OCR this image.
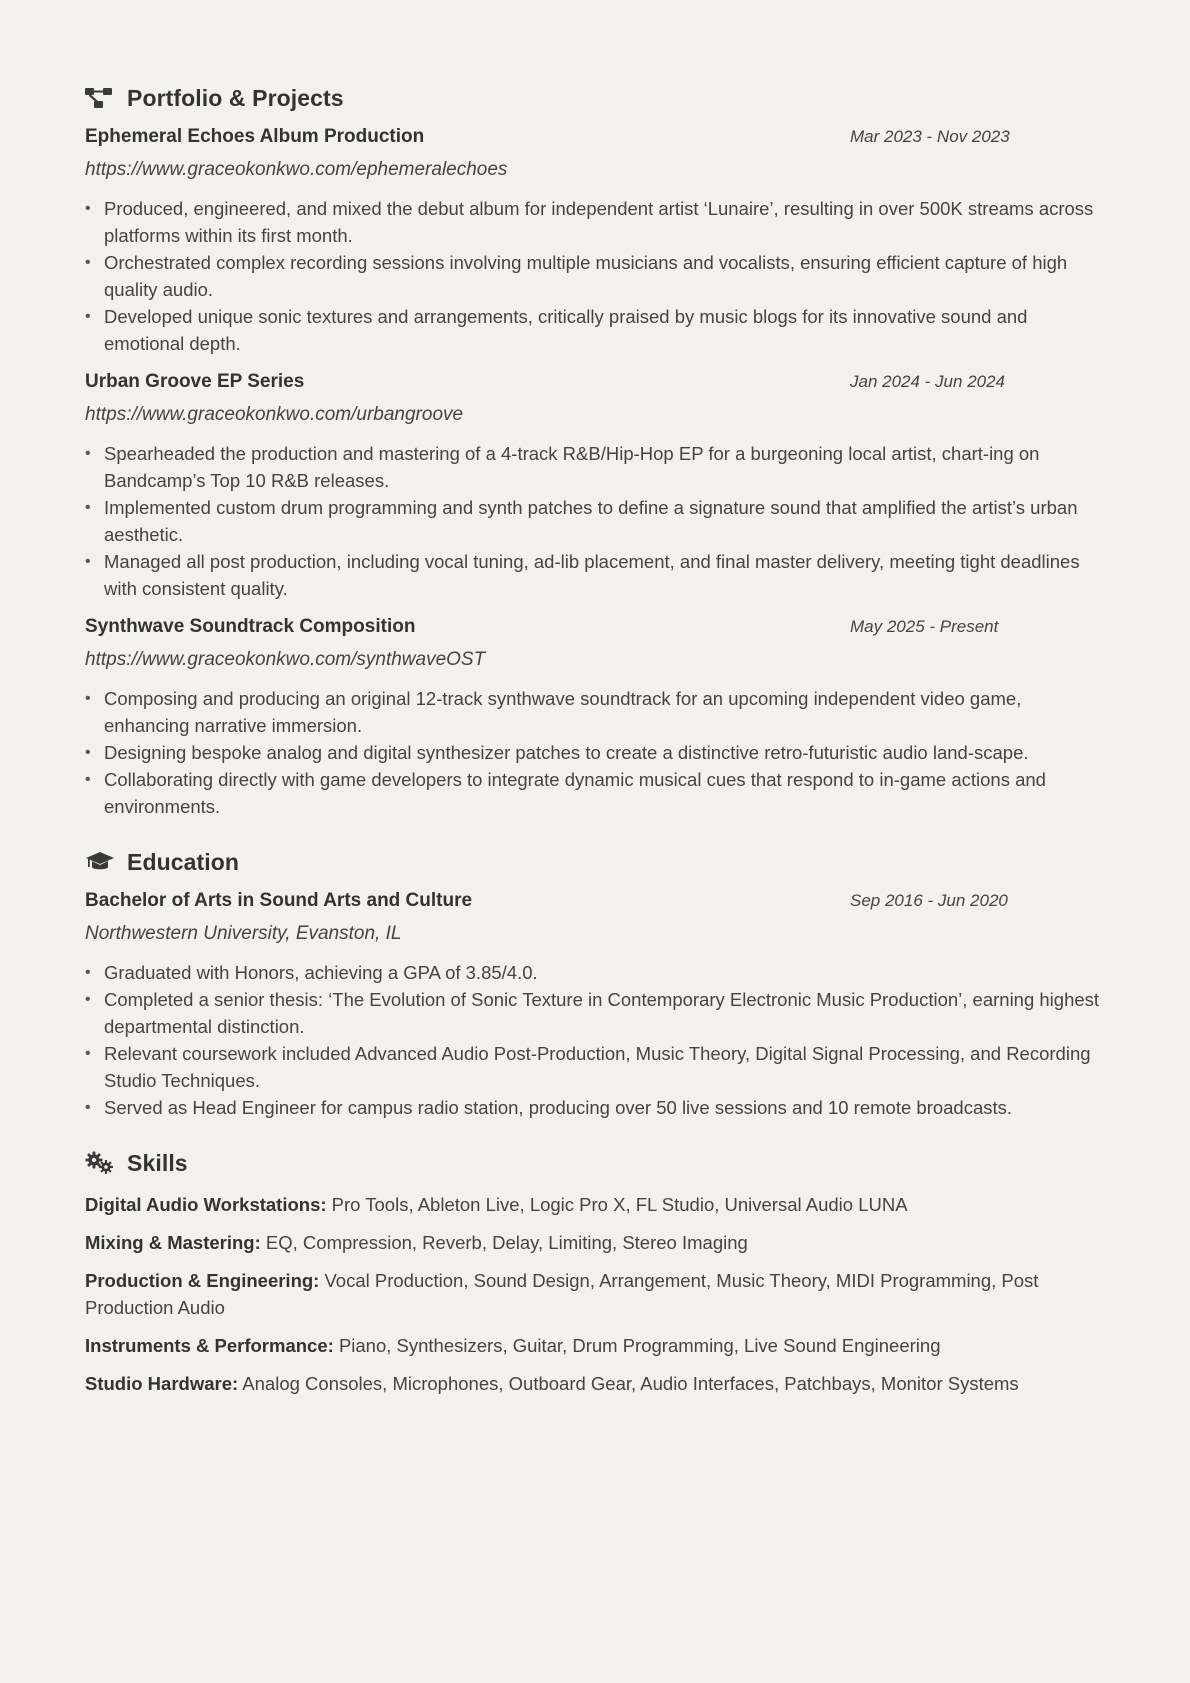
Portfolio & Projects
Ephemeral Echoes Album Production	Mar 2023 - Nov 2023
https://www.graceokonkwo.com/ephemeralechoes
• Produced, engineered, and mixed the debut album for independent artist ‘Lunaire’, resulting in over 500K streams across platforms within its first month.
• Orchestrated complex recording sessions involving multiple musicians and vocalists, ensuring efficient capture of high quality audio.
• Developed unique sonic textures and arrangements, critically praised by music blogs for its innovative sound and emotional depth.
Urban Groove EP Series	Jan 2024 - Jun 2024
https://www.graceokonkwo.com/urbangroove
• Spearheaded the production and mastering of a 4-track R&B/Hip-Hop EP for a burgeoning local artist, chart-ing on Bandcamp’s Top 10 R&B releases.
• Implemented custom drum programming and synth patches to define a signature sound that amplified the artist’s urban aesthetic.
• Managed all post production, including vocal tuning, ad-lib placement, and final master delivery, meeting tight deadlines with consistent quality.
Synthwave Soundtrack Composition	May 2025 - Present
https://www.graceokonkwo.com/synthwaveOST
• Composing and producing an original 12-track synthwave soundtrack for an upcoming independent video game, enhancing narrative immersion.
• Designing bespoke analog and digital synthesizer patches to create a distinctive retro-futuristic audio land-scape.
• Collaborating directly with game developers to integrate dynamic musical cues that respond to in-game actions and environments.
Education
Bachelor of Arts in Sound Arts and Culture	Sep 2016 - Jun 2020
Northwestern University, Evanston, IL
• Graduated with Honors, achieving a GPA of 3.85/4.0.
• Completed a senior thesis: ‘The Evolution of Sonic Texture in Contemporary Electronic Music Production’, earning highest departmental distinction.
• Relevant coursework included Advanced Audio Post-Production, Music Theory, Digital Signal Processing, and Recording Studio Techniques.
• Served as Head Engineer for campus radio station, producing over 50 live sessions and 10 remote broadcasts.
Skills
Digital Audio Workstations: Pro Tools, Ableton Live, Logic Pro X, FL Studio, Universal Audio LUNA
Mixing & Mastering: EQ, Compression, Reverb, Delay, Limiting, Stereo Imaging
Production & Engineering: Vocal Production, Sound Design, Arrangement, Music Theory, MIDI Programming, Post Production Audio
Instruments & Performance: Piano, Synthesizers, Guitar, Drum Programming, Live Sound Engineering
Studio Hardware: Analog Consoles, Microphones, Outboard Gear, Audio Interfaces, Patchbays, Monitor Systems
